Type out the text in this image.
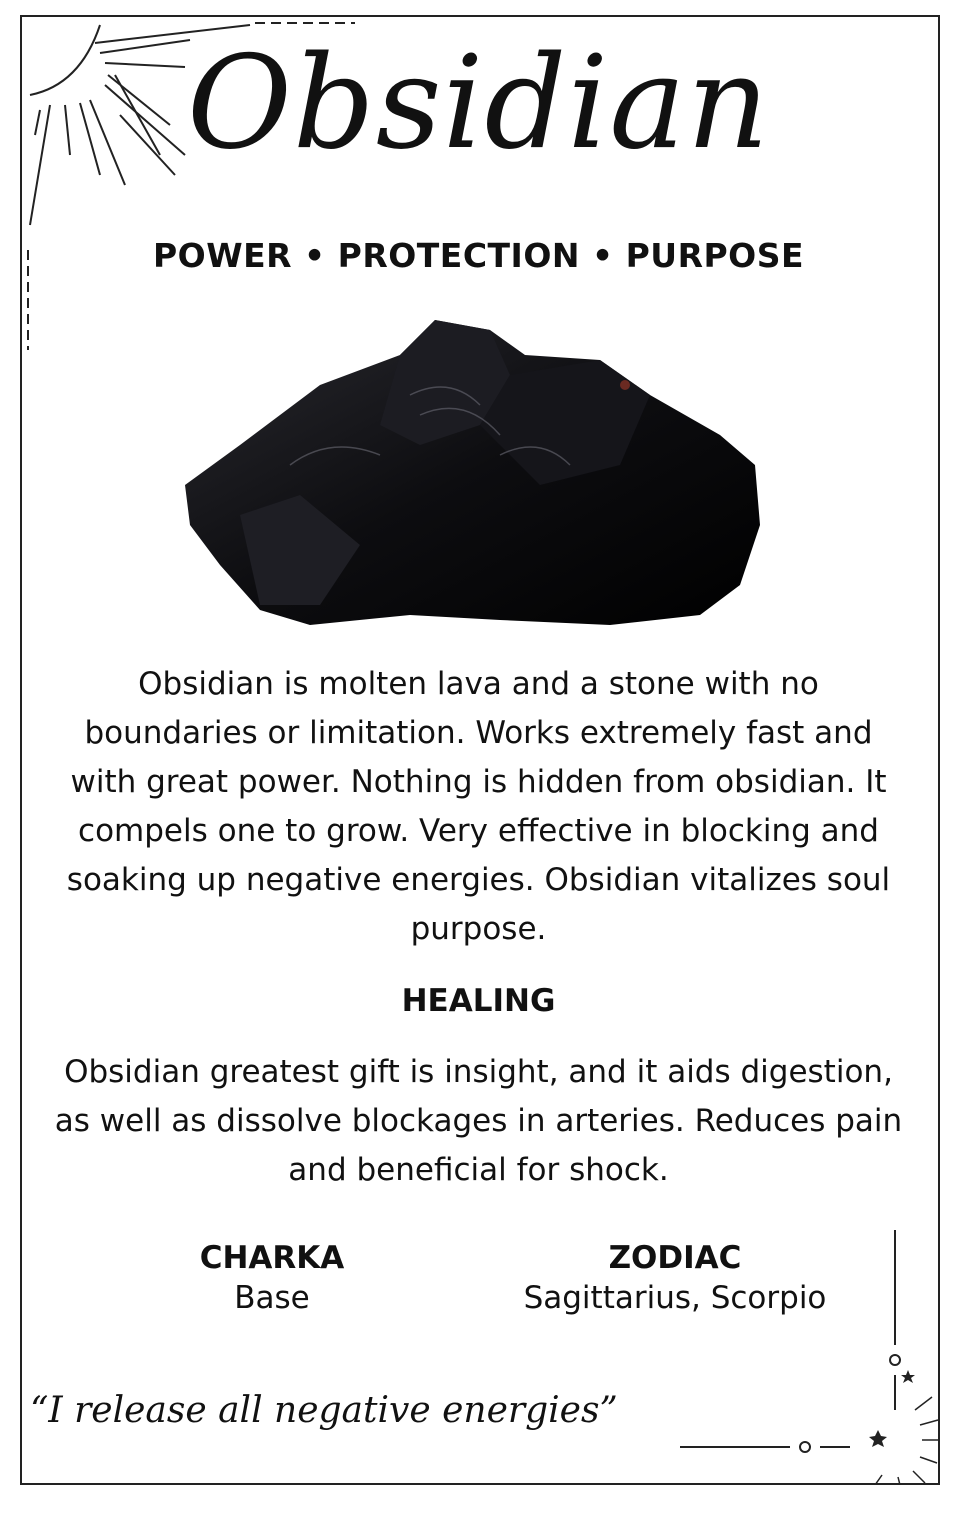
Obsidian
POWER • PROTECTION • PURPOSE
Obsidian is molten lava and a stone with no boundaries or limitation. Works extremely fast and with great power. Nothing is hidden from obsidian. It compels one to grow. Very effective in blocking and soaking up negative energies. Obsidian vitalizes soul purpose.
HEALING
Obsidian greatest gift is insight, and it aids digestion, as well as dissolve blockages in arteries. Reduces pain and beneficial for shock.
CHARKA
Base
ZODIAC
Sagittarius, Scorpio
“I release all negative energies”
